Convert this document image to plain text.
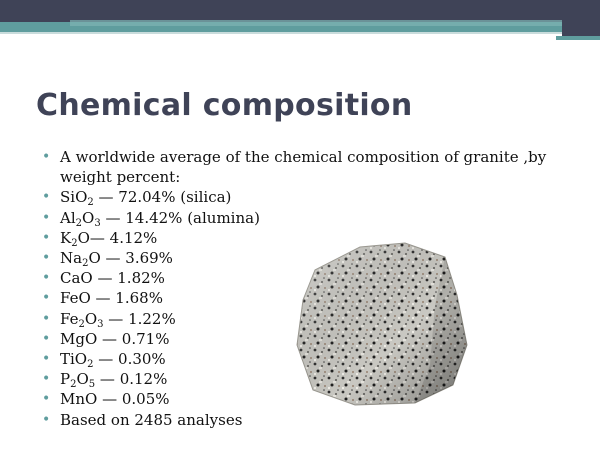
Chemical composition
• A worldwide average of the chemical composition of granite ,by weight percent:
• SiO$_2$ — 72.04% (silica)
• $Al_2O_3$ — 14.42% (alumina)
• $K_2O—$ 4.12%
• $Na_2O$ — 3.69%
• CaO — 1.82%
• FeO — 1.68%
• $Fe_2O_3$ — 1.22%
• MgO — 0.71%
• TiO$_2$ — 0.30%
• $P_2O_5$ — 0.12%
• MnO — 0.05%
• Based on 2485 analyses
